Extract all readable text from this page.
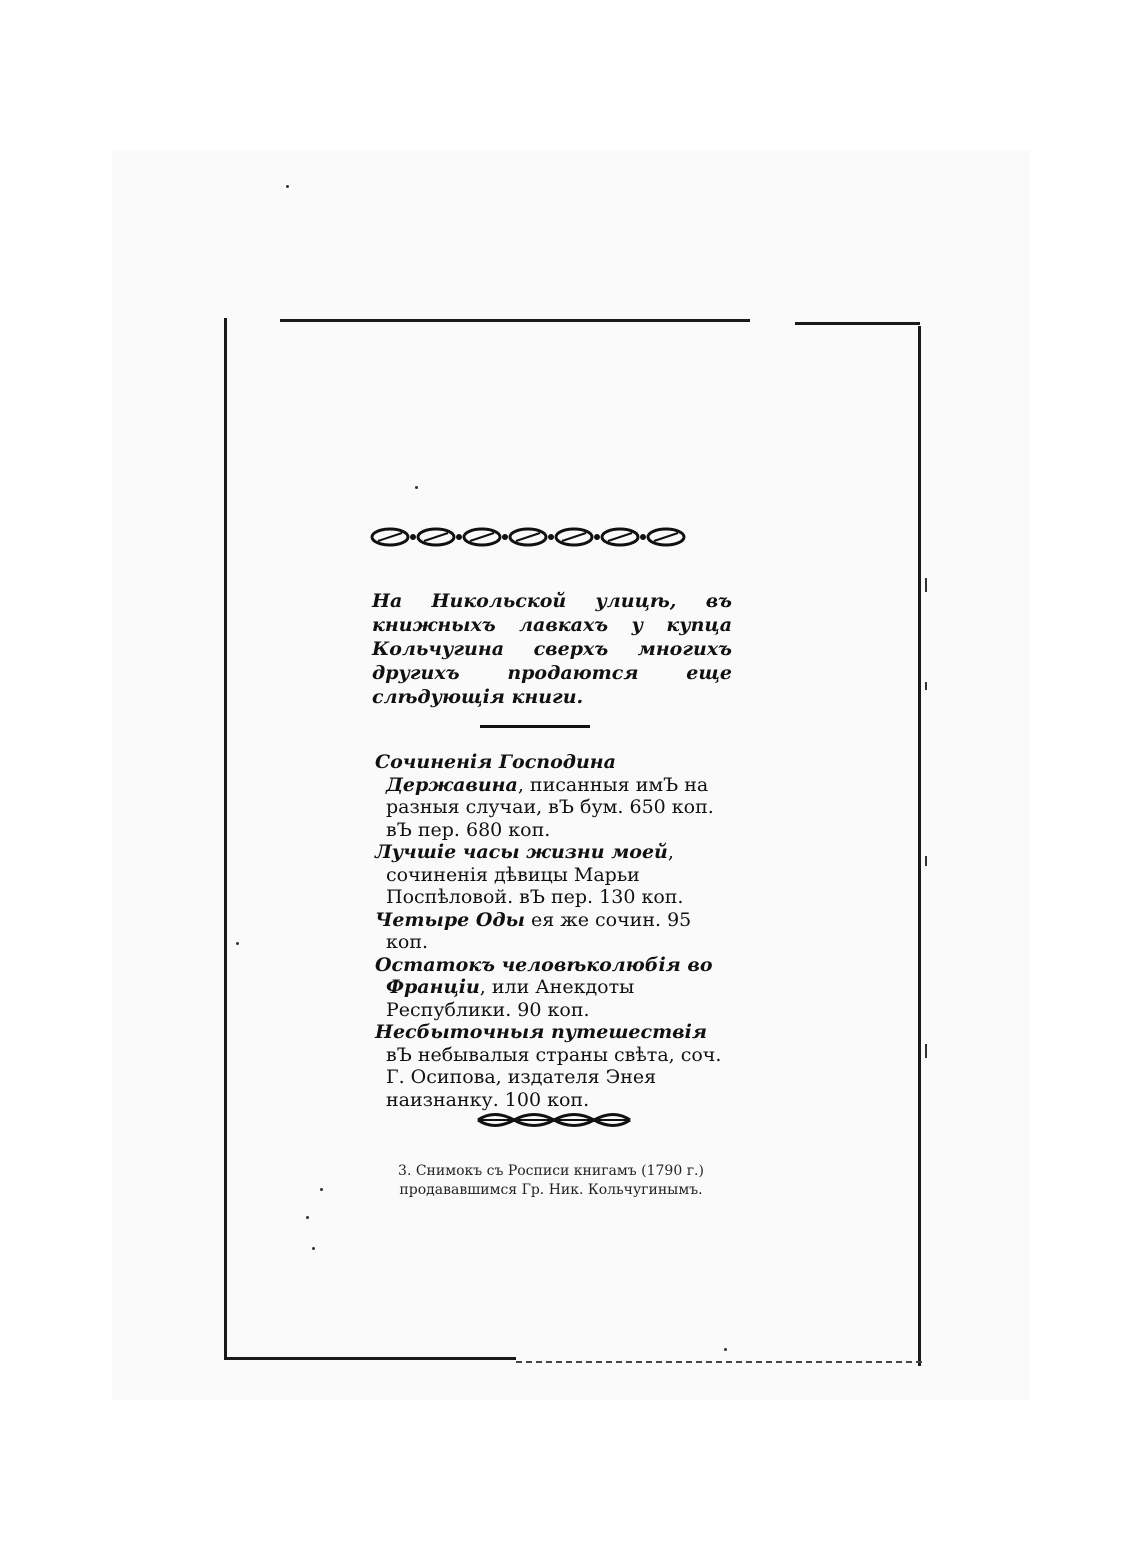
На Никольской улицѣ, въ книжныхъ лавкахъ у купца Кольчугина сверхъ многихъ другихъ продаются еще слѣдующія книги.
Сочиненія Господина Державина, писанныя имЪ на разныя случаи, вЪ бум. 650 коп. вЪ пер. 680 коп.
Лучшіе часы жизни моей, сочиненія дѣвицы Марьи Поспѣловой. вЪ пер. 130 коп.
Четыре Оды ея же сочин. 95 коп.
Остатокъ человѣколюбія во Франціи, или Анекдоты Республики. 90 коп.
Несбыточныя путешествія вЪ небывалыя страны свѣта, соч. Г. Осипова, издателя Энея наизнанку. 100 коп.
3. Снимокъ съ Росписи книгамъ (1790 г.) продававшимся Гр. Ник. Кольчугинымъ.
